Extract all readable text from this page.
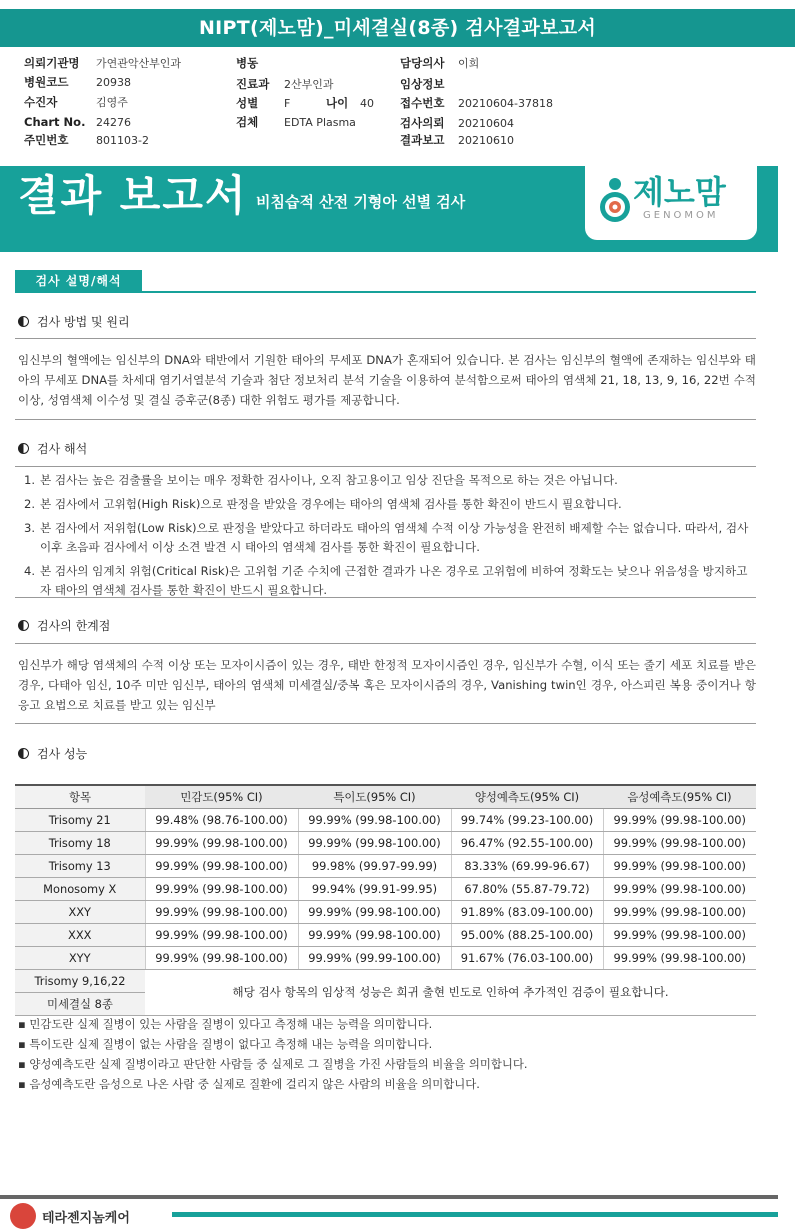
NIPT(제노맘)_미세결실(8종) 검사결과보고서
의뢰기관명 가연관악산부인과
병원코드	20938
수진자	김영주
Chart No. 24276
주민번호	801103-2
병동
진료과 2산부인과
성별 F	나이 40
검체 EDTA Plasma
담당의사 이희
임상정보
접수번호 20210604-37818
검사의뢰 20210604
결과보고 20210610
결과 보고서 비침습적 산전 기형아 선별 검사	제노맘
GENOMOM
검사 설명/해석
검사 방법 및 원리
임신부의 혈액에는 임신부의 DNA와 태반에서 기원한 태아의 무세포 DNA가 혼재되어 있습니다. 본 검사는 임신부의 혈액에 존재하는 임신부와 태아의 무세포 DNA를 차세대 염기서열분석 기술과 첨단 정보처리 분석 기술을 이용하여 분석함으로써 태아의 염색체 21, 18, 13, 9, 16, 22번 수적 이상, 성염색체 이수성 및 결실 증후군(8종) 대한 위험도 평가를 제공합니다.
검사 해석
1. 본 검사는 높은 검출률을 보이는 매우 정확한 검사이나, 오직 참고용이고 임상 진단을 목적으로 하는 것은 아닙니다.
2. 본 검사에서 고위험(High Risk)으로 판정을 받았을 경우에는 태아의 염색체 검사를 통한 확진이 반드시 필요합니다.
3. 본 검사에서 저위험(Low Risk)으로 판정을 받았다고 하더라도 태아의 염색체 수적 이상 가능성을 완전히 배제할 수는 없습니다. 따라서, 검사 이후 초음파 검사에서 이상 소견 발견 시 태아의 염색체 검사를 통한 확진이 필요합니다.
4. 본 검사의 임계치 위험(Critical Risk)은 고위험 기준 수치에 근접한 결과가 나온 경우로 고위험에 비하여 정확도는 낮으나 위음성을 방지하고자 태아의 염색체 검사를 통한 확진이 반드시 필요합니다.
검사의 한계점
임신부가 해당 염색체의 수적 이상 또는 모자이시즘이 있는 경우, 태반 한정적 모자이시즘인 경우, 임신부가 수혈, 이식 또는 줄기 세포 치료를 받은 경우, 다태아 임신, 10주 미만 임신부, 태아의 염색체 미세결실/중복 혹은 모자이시즘의 경우, Vanishing twin인 경우, 아스피린 복용 중이거나 항 응고 요법으로 치료를 받고 있는 임신부
검사 성능
항목	민감도(95% CI)	특이도(95% CI)	양성예측도(95% CI)	음성예측도(95% CI)
Trisomy 21	99.48% (98.76-100.00)	99.99% (99.98-100.00)	99.74% (99.23-100.00)	99.99% (99.98-100.00)
Trisomy 18	99.99% (99.98-100.00)	99.99% (99.98-100.00)	96.47% (92.55-100.00)	99.99% (99.98-100.00)
Trisomy 13	99.99% (99.98-100.00)	99.98% (99.97-99.99)	83.33% (69.99-96.67)	99.99% (99.98-100.00)
Monosomy X	99.99% (99.98-100.00)	99.94% (99.91-99.95)	67.80% (55.87-79.72)	99.99% (99.98-100.00)
XXY	99.99% (99.98-100.00)	99.99% (99.98-100.00)	91.89% (83.09-100.00)	99.99% (99.98-100.00)
XXX	99.99% (99.98-100.00)	99.99% (99.98-100.00)	95.00% (88.25-100.00)	99.99% (99.98-100.00)
XYY	99.99% (99.98-100.00)	99.99% (99.99-100.00)	91.67% (76.03-100.00)	99.99% (99.98-100.00)
Trisomy 9,16,22	해당 검사 항목의 임상적 성능은 희귀 출현 빈도로 인하여 추가적인 검증이 필요합니다.			
미세결실 8종				
▪ 민감도란 실제 질병이 있는 사람을 질병이 있다고 측정해 내는 능력을 의미합니다.
▪ 특이도란 실제 질병이 없는 사람을 질병이 없다고 측정해 내는 능력을 의미합니다.
▪ 양성예측도란 실제 질병이라고 판단한 사람들 중 실제로 그 질병을 가진 사람들의 비율을 의미합니다.
▪ 음성예측도란 음성으로 나온 사람 중 실제로 질환에 걸리지 않은 사람의 비율을 의미합니다.
테라젠지놈케어
